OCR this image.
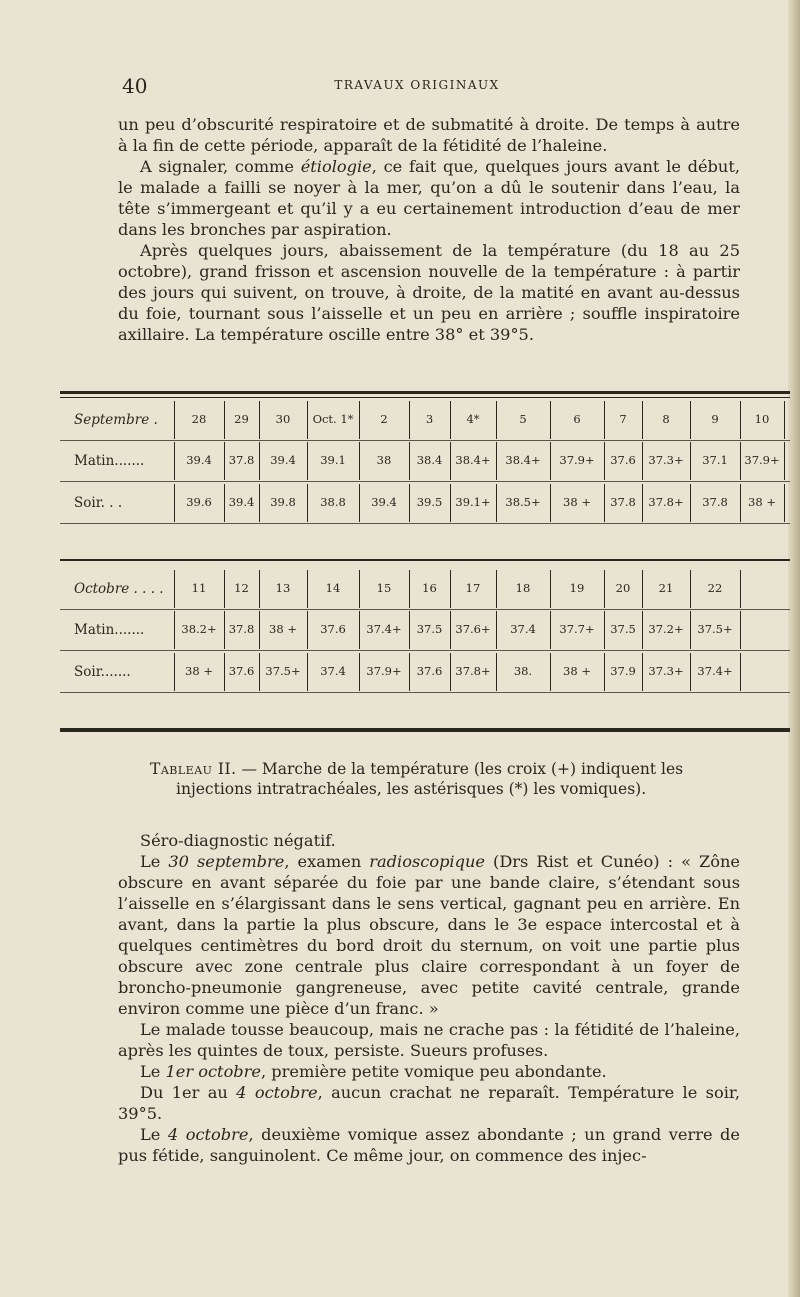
40	TRAVAUX ORIGINAUX

un peu d’obscurité respiratoire et de submatité à droite. De temps à autre à la fin de cette période, apparaît de la fétidité de l’haleine.

A signaler, comme étiologie, ce fait que, quelques jours avant le début, le malade a failli se noyer à la mer, qu’on a dû le soutenir dans l’eau, la tête s’immergeant et qu’il y a eu certainement introduction d’eau de mer dans les bronches par aspiration.

Après quelques jours, abaissement de la température (du 18 au 25 octobre), grand frisson et ascension nouvelle de la température : à partir des jours qui suivent, on trouve, à droite, de la matité en avant au-dessus du foie, tournant sous l’aisselle et un peu en arrière ; souffle inspiratoire axillaire. La température oscille entre 38° et 39°5.

Septembre .	28	29	30	Oct. 1*	2	3	4*	5	6	7	8	9	10
Matin.......	39.4	37.8	39.4	39.1	38	38.4	38.4+	38.4+	37.9+	37.6	37.3+	37.1	37.9+
Soir. . .	39.6	39.4	39.8	38.8	39.4	39.5	39.1+	38.5+	38 +	37.8	37.8+	37.8	38 +
Octobre . . . .	11	12	13	14	15	16	17	18	19	20	21	22
Matin.......	38.2+	37.8	38 +	37.6	37.4+	37.5	37.6+	37.4	37.7+	37.5	37.2+	37.5+
Soir.......	38 +	37.6 37.5+	37.4	37.9+	37.6	37.8+	38.	38 +	37.9	37.3+	37.4+

Tableau II. — Marche de la température (les croix (+) indiquent les

injections intratrachéales, les astérisques (*) les vomiques).

Séro-diagnostic négatif.

Le 30 septembre, examen radioscopique (Drs Rist et Cunéo) : « Zône obscure en avant séparée du foie par une bande claire, s’étendant sous l’aisselle en s’élargissant dans le sens vertical, gagnant peu en arrière. En avant, dans la partie la plus obscure, dans le 3e espace intercostal et à quelques centimètres du bord droit du sternum, on voit une partie plus obscure avec zone centrale plus claire correspondant à un foyer de broncho-pneumonie gangreneuse, avec petite cavité centrale, grande environ comme une pièce d’un franc. »

Le malade tousse beaucoup, mais ne crache pas : la fétidité de l’haleine, après les quintes de toux, persiste. Sueurs profuses.

Le 1er octobre, première petite vomique peu abondante.

Du 1er au 4 octobre, aucun crachat ne reparaît. Température le soir, 39°5.

Le 4 octobre, deuxième vomique assez abondante ; un grand verre de pus fétide, sanguinolent. Ce même jour, on commence des injec-
